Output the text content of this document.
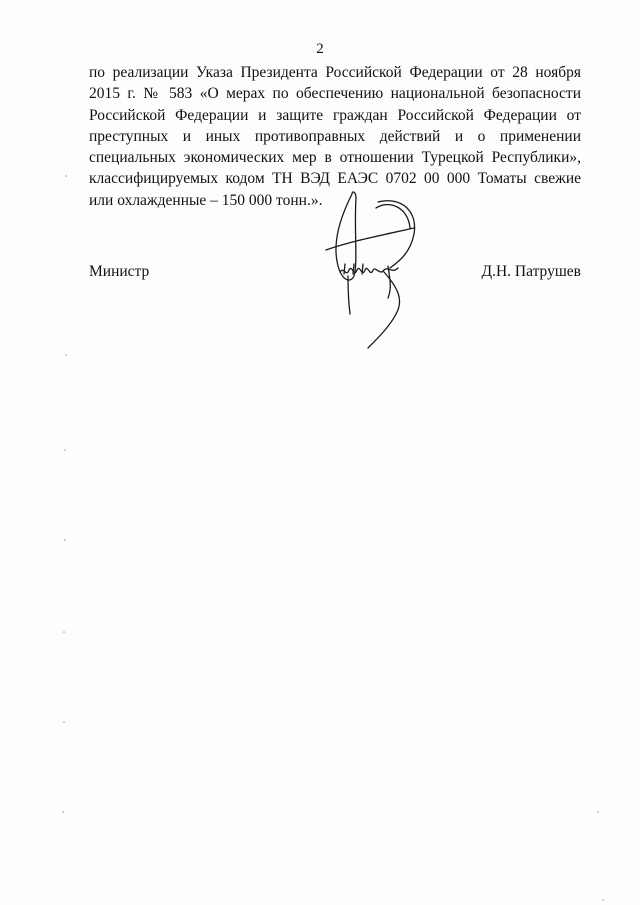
2
по реализации Указа Президента Российской Федерации от 28 ноября
2015 г. № 583 «О мерах по обеспечению национальной безопасности
Российской Федерации и защите граждан Российской Федерации от
преступных и иных противоправных действий и о применении
специальных экономических мер в отношении Турецкой Республики»,
классифицируемых кодом ТН ВЭД ЕАЭС 0702 00 000 Томаты свежие
или охлажденные – 150 000 тонн.».
Министр	Д.Н. Патрушев
